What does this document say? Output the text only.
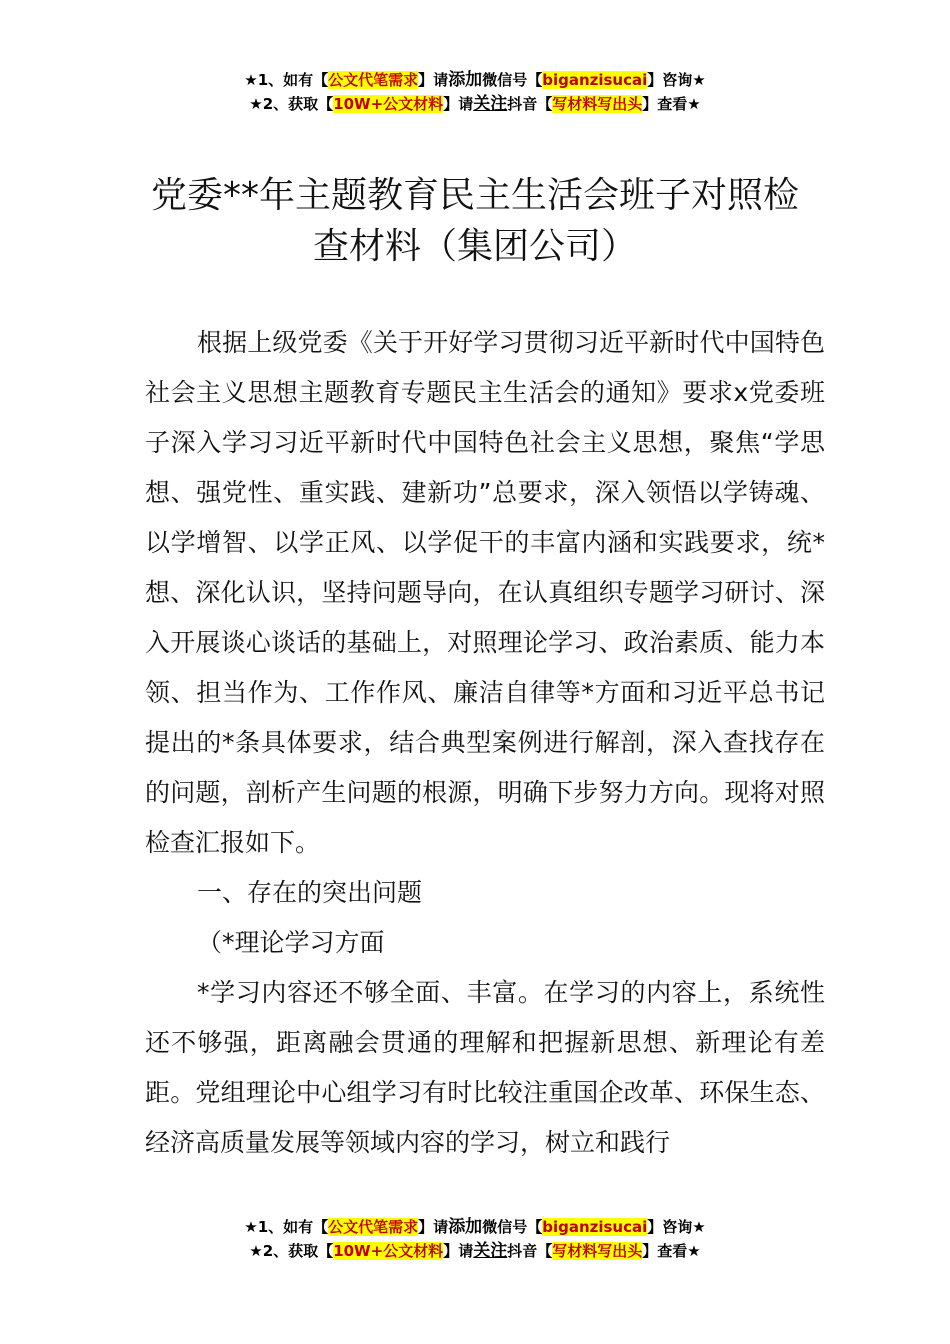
★1、如有【公文代笔需求】请添加微信号【biganzisucai】咨询★
★2、获取【10W+公文材料】请关注抖音【写材料写出头】查看★
党委**年主题教育民主生活会班子对照检
查材料（集团公司）

根据上级党委《关于开好学习贯彻习近平新时代中国特色社会主义思想主题教育专题民主生活会的通知》要求x党委班子深入学习习近平新时代中国特色社会主义思想，聚焦“学思想、强党性、重实践、建新功”总要求，深入领悟以学铸魂、以学增智、以学正风、以学促干的丰富内涵和实践要求，统*想、深化认识，坚持问题导向，在认真组织专题学习研讨、深入开展谈心谈话的基础上，对照理论学习、政治素质、能力本领、担当作为、工作作风、廉洁自律等*方面和习近平总书记提出的*条具体要求，结合典型案例进行解剖，深入查找存在的问题，剖析产生问题的根源，明确下步努力方向。现将对照检查汇报如下。

一、存在的突出问题

（*理论学习方面

*学习内容还不够全面、丰富。在学习的内容上，系统性还不够强，距离融会贯通的理解和把握新思想、新理论有差距。党组理论中心组学习有时比较注重国企改革、环保生态、经济高质量发展等领域内容的学习，树立和践行

★1、如有【公文代笔需求】请添加微信号【biganzisucai】咨询★
★2、获取【10W+公文材料】请关注抖音【写材料写出头】查看★
